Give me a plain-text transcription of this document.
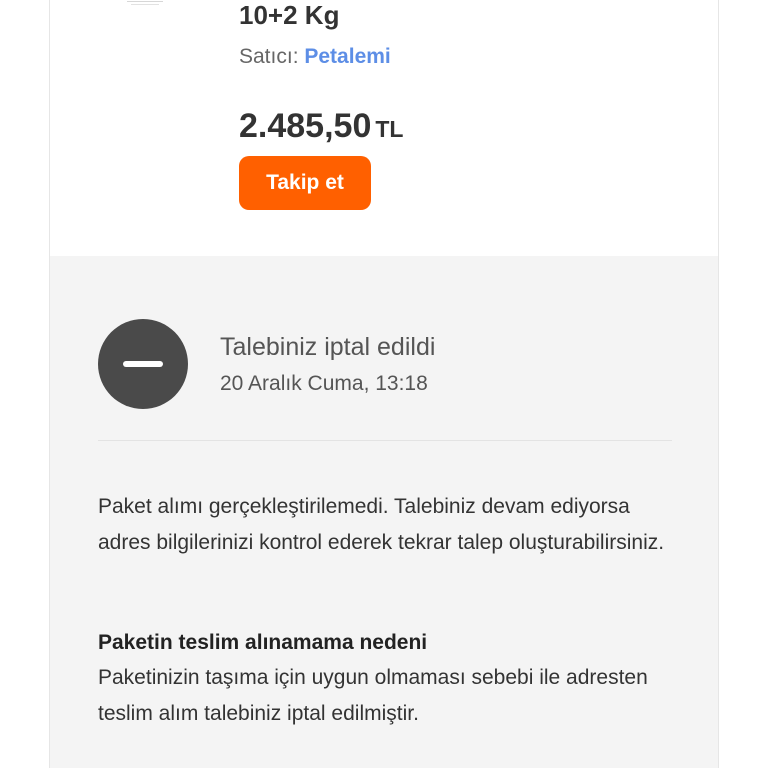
10+2 Kg
Satıcı: Petalemi
2.485,50 TL
Takip et
Talebiniz iptal edildi
20 Aralık Cuma, 13:18
Paket alımı gerçekleştirilemedi. Talebiniz devam ediyorsa adres bilgilerinizi kontrol ederek tekrar talep oluşturabilirsiniz.
Paketin teslim alınamama nedeni
Paketinizin taşıma için uygun olmaması sebebi ile adresten teslim alım talebiniz iptal edilmiştir.
